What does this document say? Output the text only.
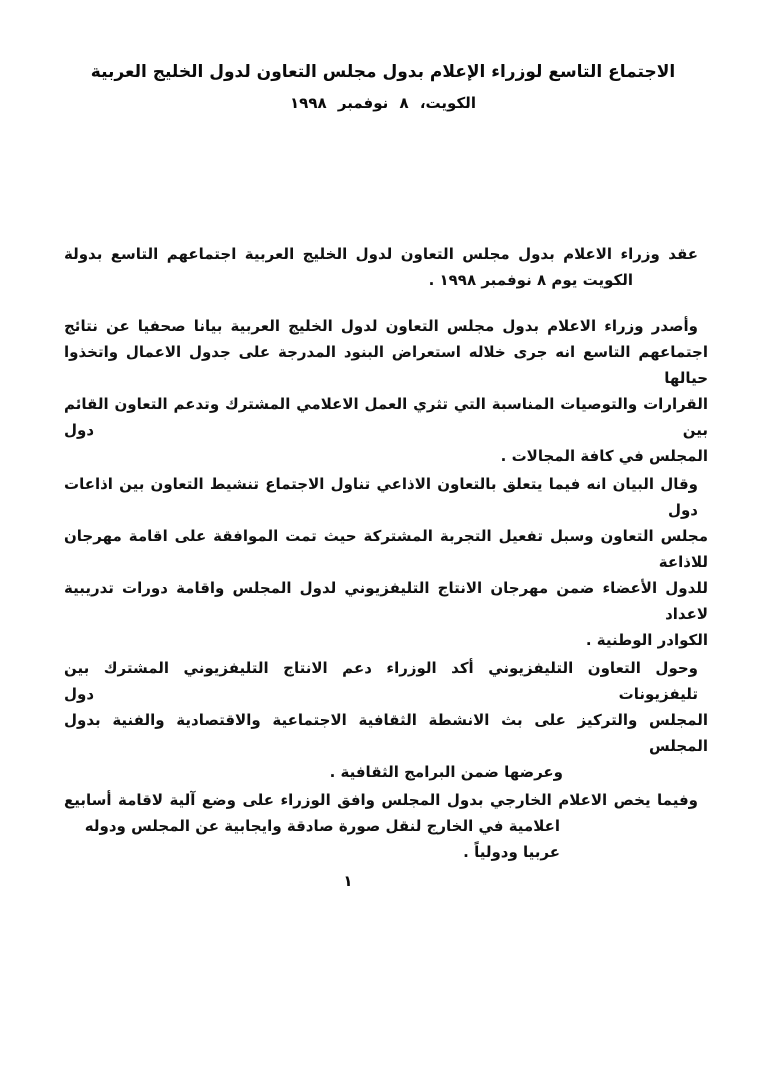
الاجتماع التاسع لوزراء الإعلام بدول مجلس التعاون لدول الخليج العربية
الكويت، ٨ نوفمبر ١٩٩٨
عقد وزراء الاعلام بدول مجلس التعاون لدول الخليج العربية اجتماعهم التاسع بدولة
الكويت يوم ٨ نوفمبر ١٩٩٨ .
وأصدر وزراء الاعلام بدول مجلس التعاون لدول الخليج العربية بيانا صحفيا عن نتائج
اجتماعهم التاسع انه جرى خلاله استعراض البنود المدرجة على جدول الاعمال واتخذوا حيالها
القرارات والتوصيات المناسبة التي تثري العمل الاعلامي المشترك وتدعم التعاون القائم بين دول
المجلس في كافة المجالات .
وقال البيان انه فيما يتعلق بالتعاون الاذاعي تناول الاجتماع تنشيط التعاون بين اذاعات دول
مجلس التعاون وسبل تفعيل التجربة المشتركة حيث تمت الموافقة على اقامة مهرجان للاذاعة
للدول الأعضاء ضمن مهرجان الانتاج التليفزيوني لدول المجلس واقامة دورات تدريبية لاعداد
الكوادر الوطنية .
وحول التعاون التليفزيوني أكد الوزراء دعم الانتاج التليفزيوني المشترك بين تليفزيونات دول
المجلس والتركيز على بث الانشطة الثقافية الاجتماعية والاقتصادية والفنية بدول المجلس
وعرضها ضمن البرامج الثقافية .
وفيما يخص الاعلام الخارجي بدول المجلس وافق الوزراء على وضع آلية لاقامة أسابيع
اعلامية في الخارج لنقل صورة صادقة وايجابية عن المجلس ودوله عربيا ودولياً .
١
